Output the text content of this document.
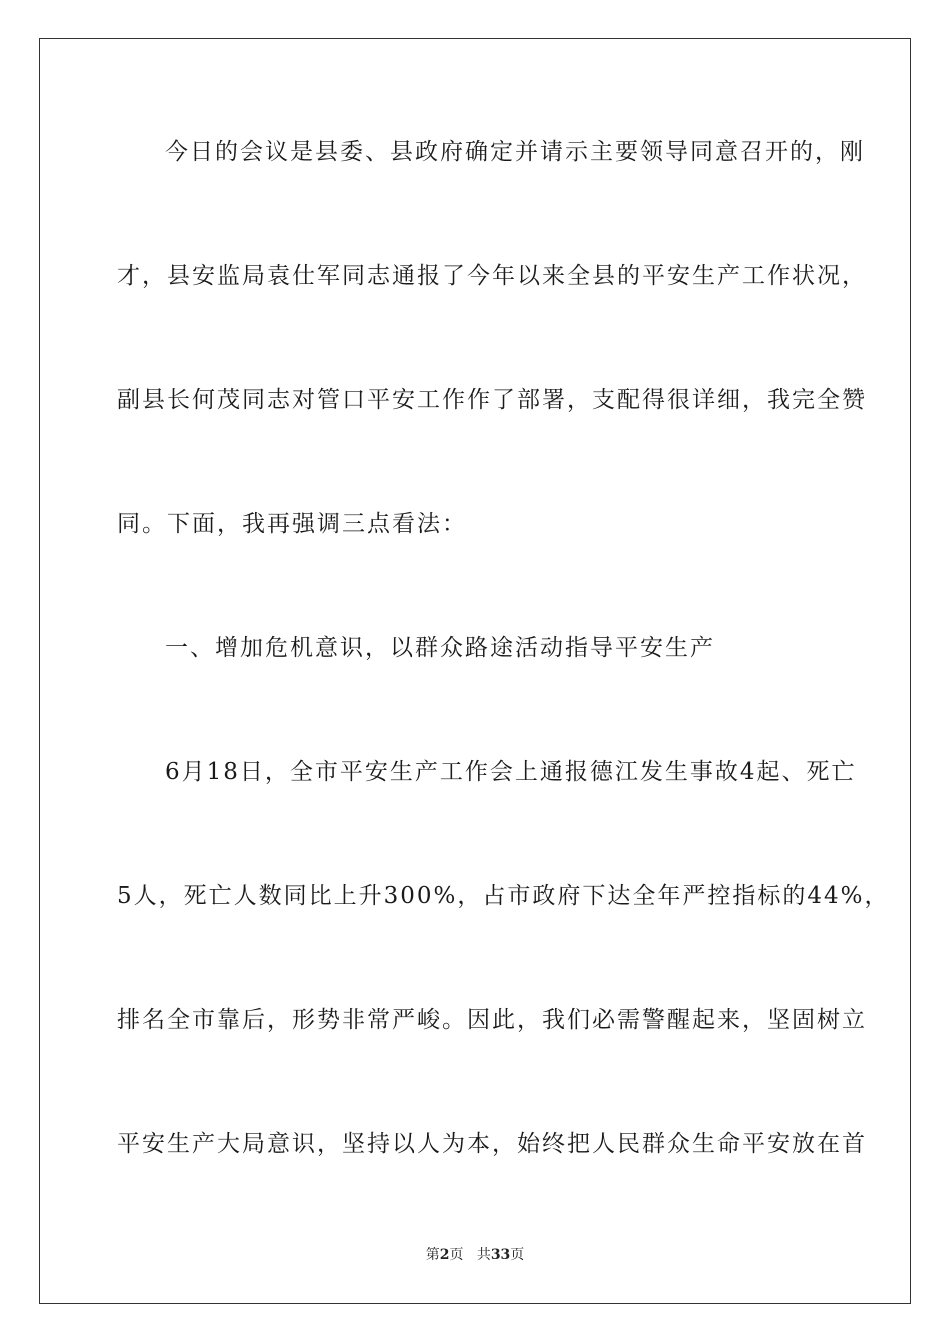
今日的会议是县委、县政府确定并请示主要领导同意召开的，刚
才，县安监局袁仕军同志通报了今年以来全县的平安生产工作状况，
副县长何茂同志对管口平安工作作了部署，支配得很详细，我完全赞
同。下面，我再强调三点看法：
一、增加危机意识，以群众路途活动指导平安生产
6月18日，全市平安生产工作会上通报德江发生事故4起、死亡
5人，死亡人数同比上升300%，占市政府下达全年严控指标的44%，
排名全市靠后，形势非常严峻。因此，我们必需警醒起来，坚固树立
平安生产大局意识，坚持以人为本，始终把人民群众生命平安放在首
第2页 共33页
